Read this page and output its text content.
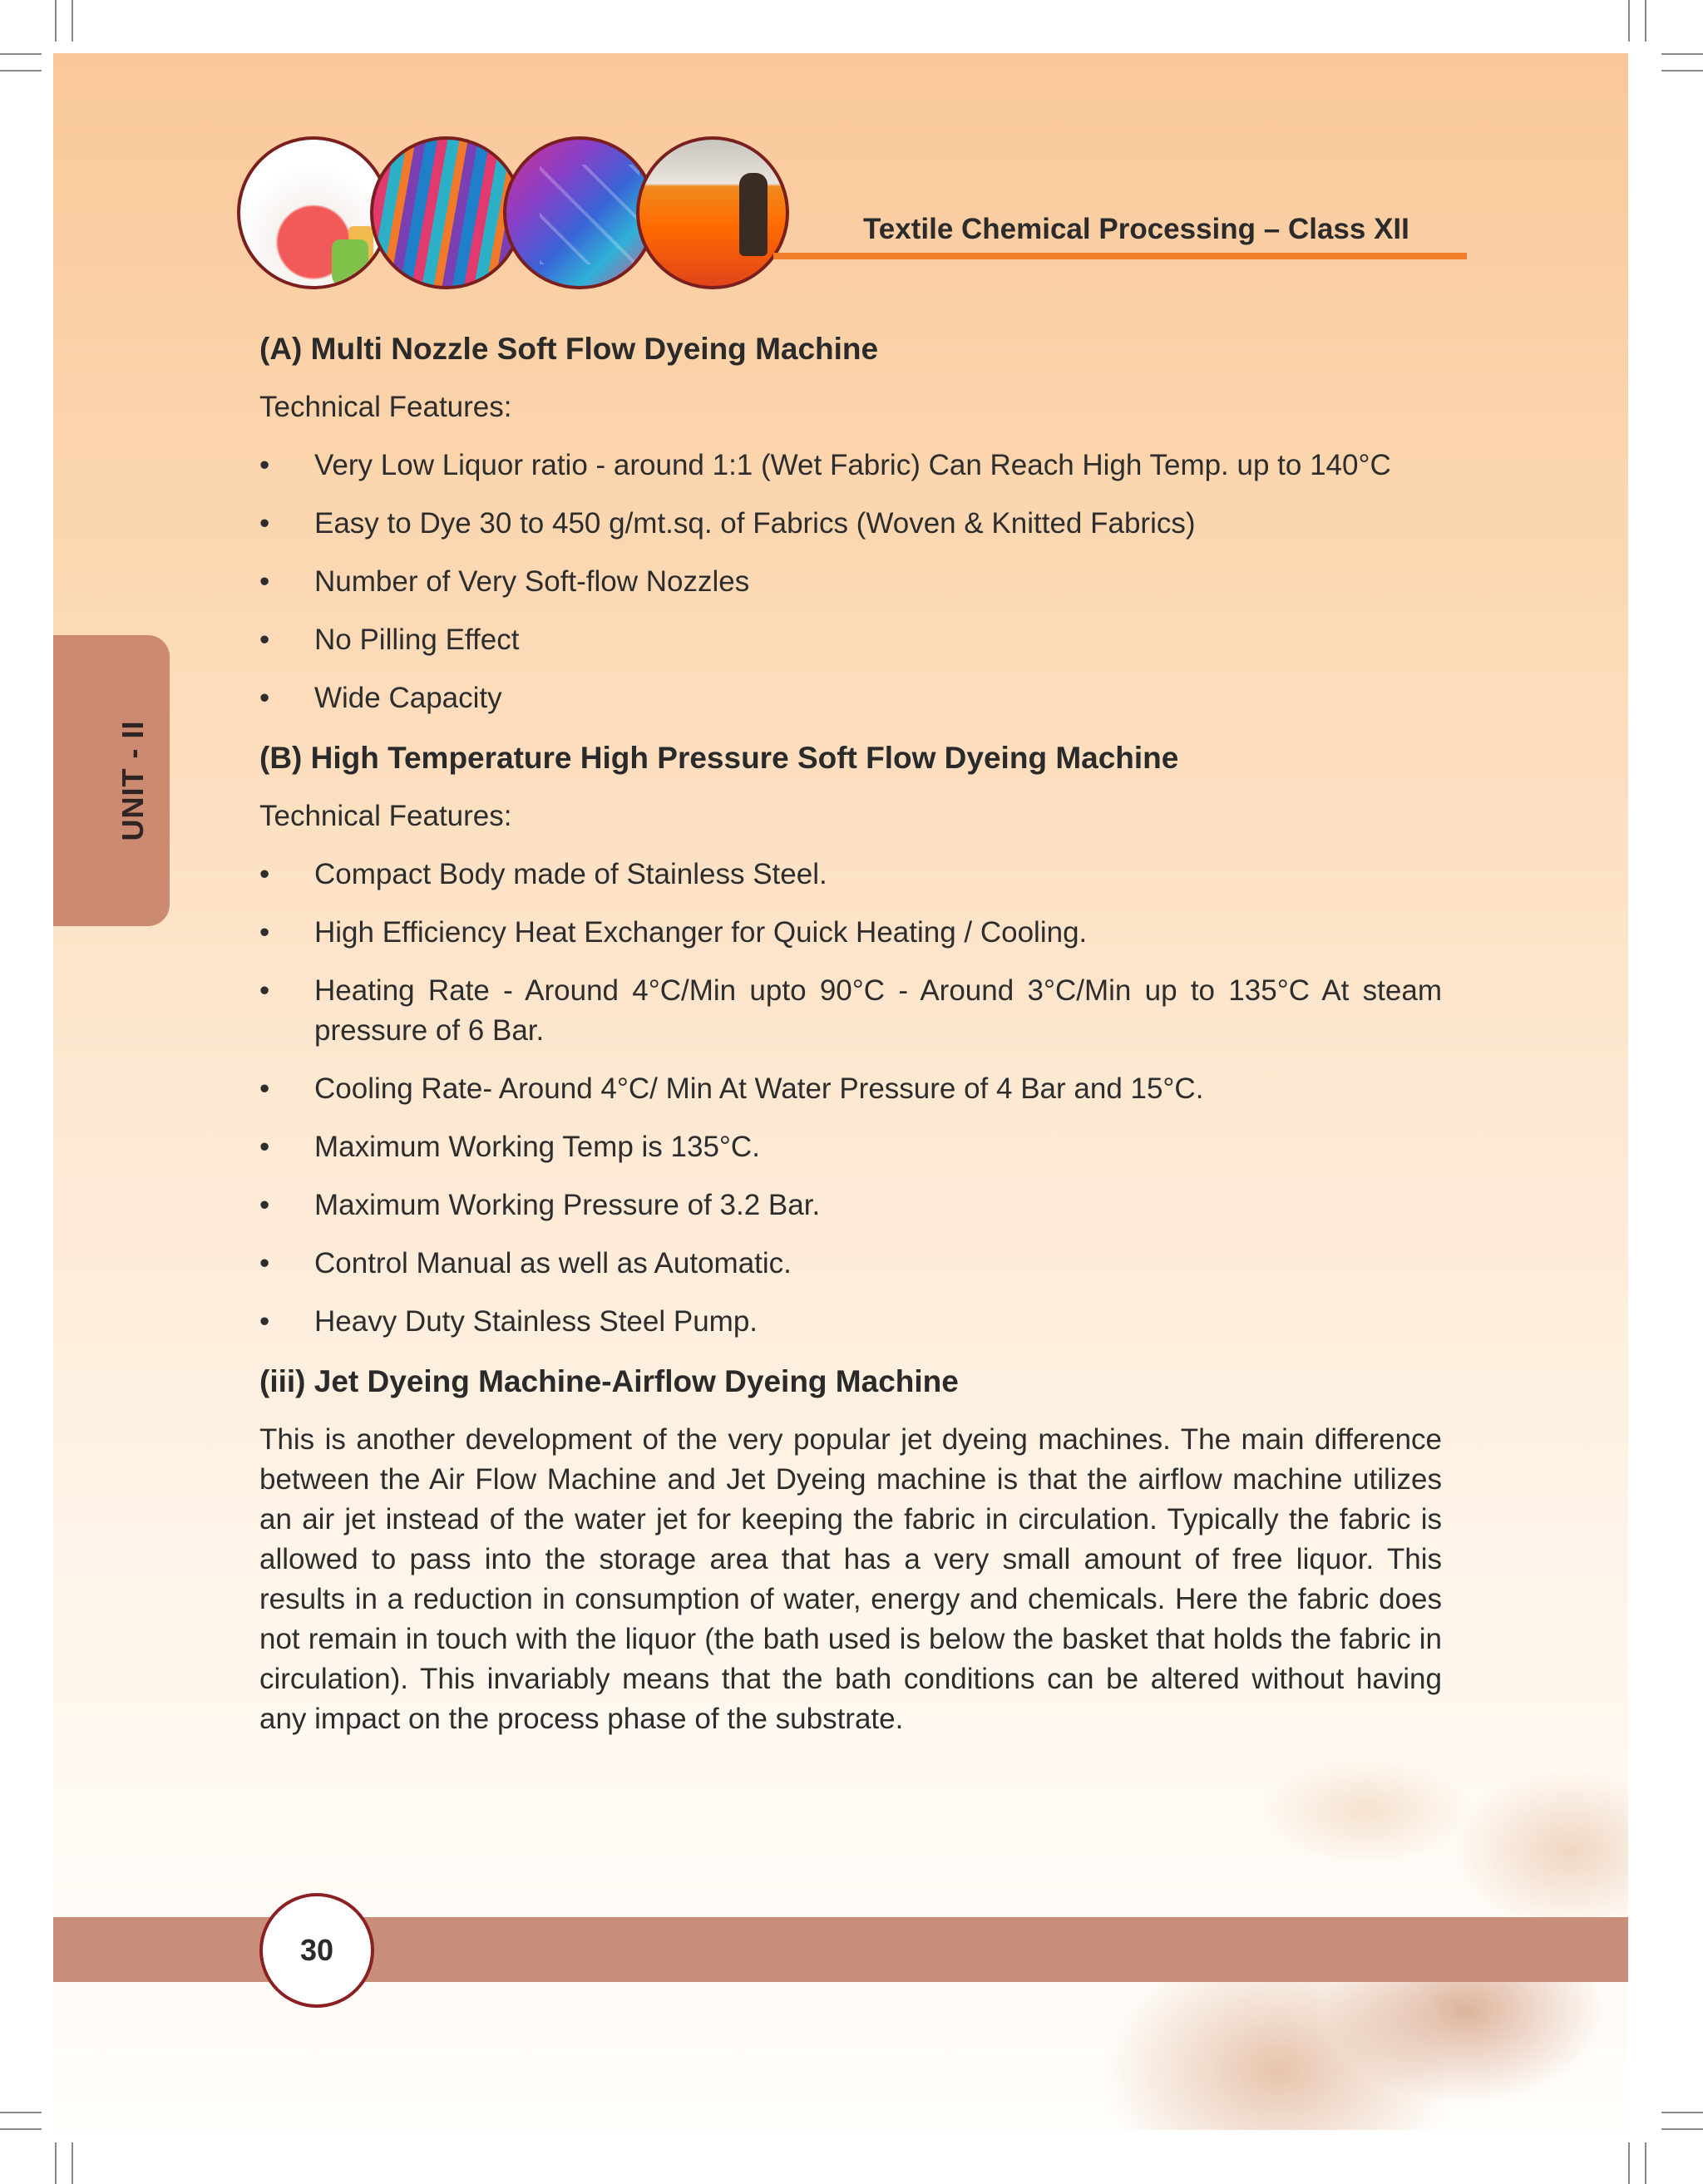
Textile Chemical Processing – Class XII
UNIT - II
(A) Multi Nozzle Soft Flow Dyeing Machine
Technical Features:
• Very Low Liquor ratio - around 1:1 (Wet Fabric) Can Reach High Temp. up to 140°C
• Easy to Dye 30 to 450 g/mt.sq. of Fabrics (Woven & Knitted Fabrics)
• Number of Very Soft-flow Nozzles
• No Pilling Effect
• Wide Capacity
(B) High Temperature High Pressure Soft Flow Dyeing Machine
Technical Features:
• Compact Body made of Stainless Steel.
• High Efficiency Heat Exchanger for Quick Heating / Cooling.
• Heating Rate - Around 4°C/Min upto 90°C - Around 3°C/Min up to 135°C At steam pressure of 6 Bar.
• Cooling Rate- Around 4°C/ Min At Water Pressure of 4 Bar and 15°C.
• Maximum Working Temp is 135°C.
• Maximum Working Pressure of 3.2 Bar.
• Control Manual as well as Automatic.
• Heavy Duty Stainless Steel Pump.
(iii) Jet Dyeing Machine-Airflow Dyeing Machine

This is another development of the very popular jet dyeing machines. The main difference between the Air Flow Machine and Jet Dyeing machine is that the airflow machine utilizes an air jet instead of the water jet for keeping the fabric in circulation. Typically the fabric is allowed to pass into the storage area that has a very small amount of free liquor. This results in a reduction in consumption of water, energy and chemicals. Here the fabric does not remain in touch with the liquor (the bath used is below the basket that holds the fabric in circulation). This invariably means that the bath conditions can be altered without having any impact on the process phase of the substrate.

30
